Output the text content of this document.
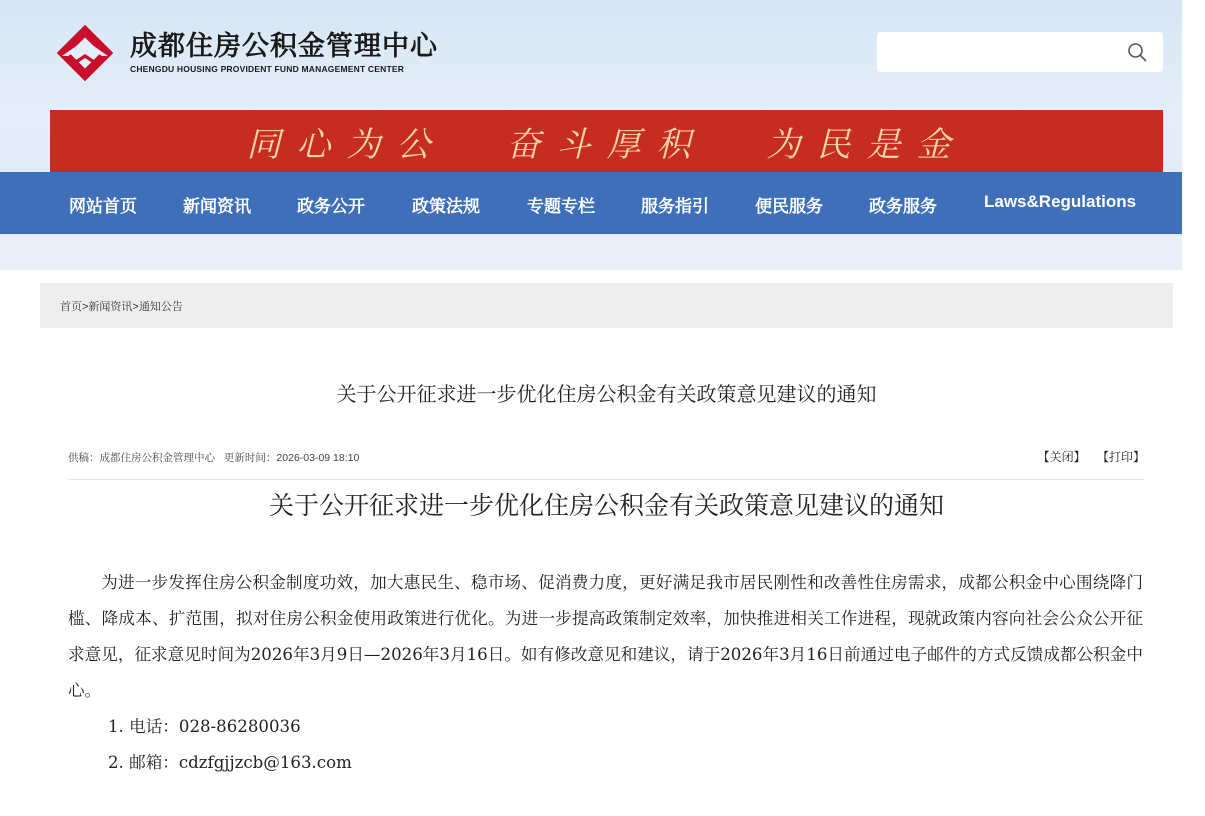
成都住房公积金管理中心
CHENGDU HOUSING PROVIDENT FUND MANAGEMENT CENTER
同心为公 奋斗厚积 为民是金
网站首页	新闻资讯	政务公开	政策法规	专题专栏	服务指引	便民服务	政务服务	Laws&Regulations
首页>新闻资讯>通知公告
关于公开征求进一步优化住房公积金有关政策意见建议的通知
供稿：成都住房公积金管理中心 更新时间：2026-03-09 18:10	【关闭】 【打印】
关于公开征求进一步优化住房公积金有关政策意见建议的通知

为进一步发挥住房公积金制度功效，加大惠民生、稳市场、促消费力度，更好满足我市居民刚性和改善性住房需求，成都公积金中心围绕降门槛、降成本、扩范围，拟对住房公积金使用政策进行优化。为进一步提高政策制定效率，加快推进相关工作进程，现就政策内容向社会公众公开征求意见，征求意见时间为2026年3月9日—2026年3月16日。如有修改意见和建议，请于2026年3月16日前通过电子邮件的方式反馈成都公积金中心。

1. 电话：028-86280036

2. 邮箱：cdzfgjjzcb@163.com
